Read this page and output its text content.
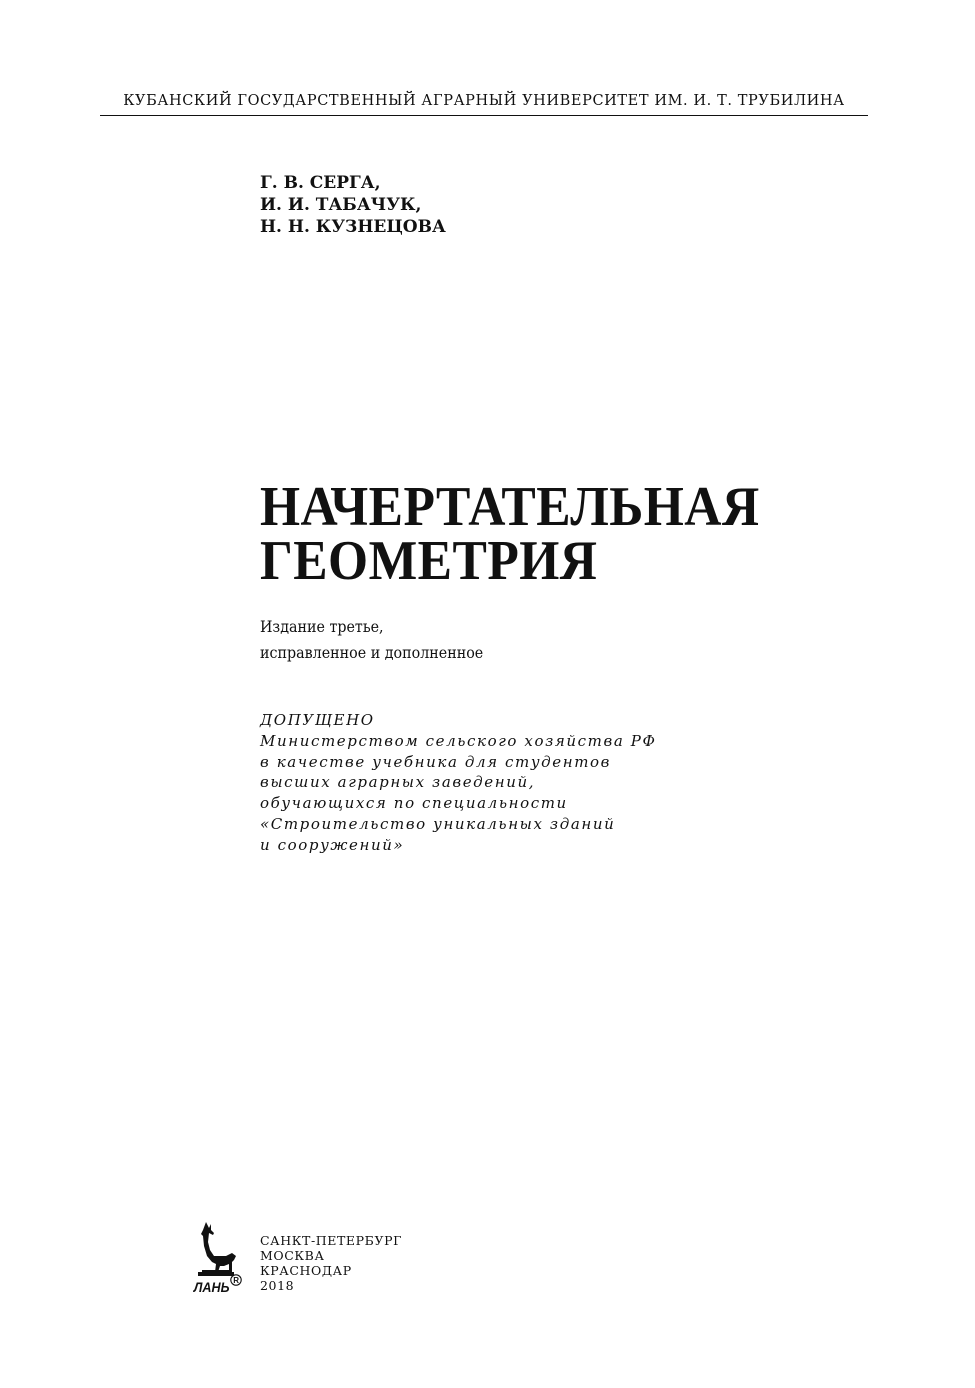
КУБАНСКИЙ ГОСУДАРСТВЕННЫЙ АГРАРНЫЙ УНИВЕРСИТЕТ ИМ. И. Т. ТРУБИЛИНА
Г. В. СЕРГА,
И. И. ТАБАЧУК,
Н. Н. КУЗНЕЦОВА
НАЧЕРТАТЕЛЬНАЯ
ГЕОМЕТРИЯ
Издание третье,
исправленное и дополненное
ДОПУЩЕНО
Министерством сельского хозяйства РФ
в качестве учебника для студентов
высших аграрных заведений,
обучающихся по специальности
«Строительство уникальных зданий
и сооружений»
ЛАНЬ R
САНКТ-ПЕТЕРБУРГ
МОСКВА
КРАСНОДАР
2018
